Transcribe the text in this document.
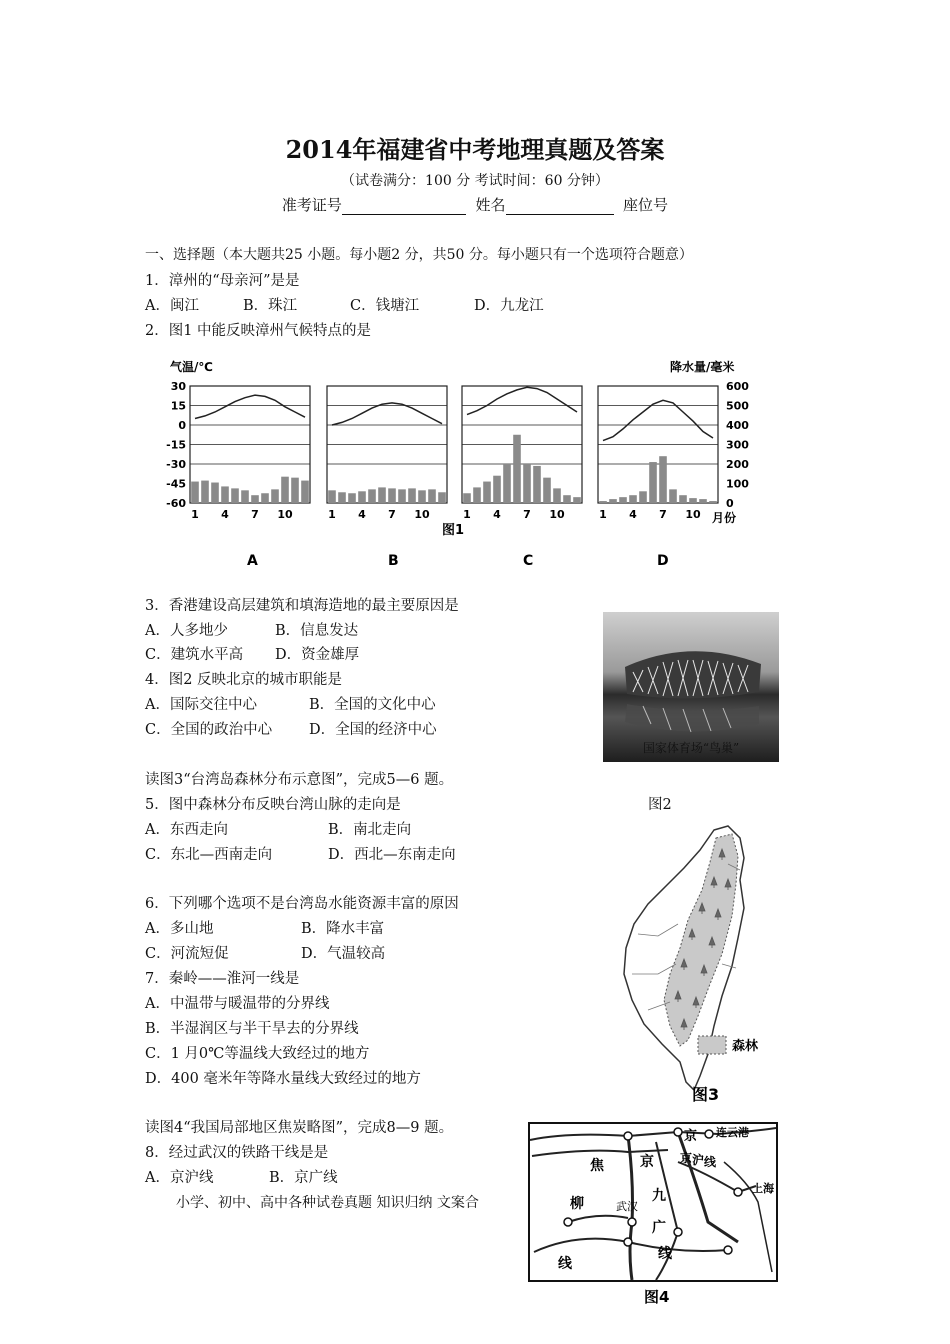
2014年福建省中考地理真题及答案
（试卷满分：100 分 考试时间：60 分钟）
准考证号	姓名	座位号
一、选择题（本大题共25 小题。每小题2 分，共50 分。每小题只有一个选项符合题意）
1．漳州的“母亲河”是是
A．闽江	B．珠江	C．钱塘江	D．九龙江
2．图1 中能反映漳州气候特点的是
30
15
0
-15
-30
-45
-60
600
500
400
300
200
100
0
1 4 7 10	1 4 7 10	1 4 7 10	1 4 7 10
气温/℃	降水量/毫米
月份
图1
A	B	C	D
3．香港建设高层建筑和填海造地的最主要原因是
A．人多地少	B．信息发达
C．建筑水平高 D．资金雄厚
4．图2 反映北京的城市职能是
A．国际交往中心	B．全国的文化中心
C．全国的政治中心	D．全国的经济中心
国家体育场“鸟巢”
读图3“台湾岛森林分布示意图”，完成5—6 题。
5．图中森林分布反映台湾山脉的走向是	图2
A．东西走向	B．南北走向
C．东北—西南走向	D．西北—东南走向
6．下列哪个选项不是台湾岛水能资源丰富的原因
A．多山地	B．降水丰富
C．河流短促	D．气温较高
7．秦岭——淮河一线是
A．中温带与暖温带的分界线
B．半湿润区与半干旱去的分界线
C．1 月0℃等温线大致经过的地方
D．400 毫米年等降水量线大致经过的地方
森林
图3
读图4“我国局部地区焦炭略图”，完成8—9 题。
8．经过武汉的铁路干线是是
A．京沪线	B．京广线
小学、初中、高中各种试卷真题 知识归纳 文案合
京 连云港
焦	京 京 沪 线
上海
九
武汉
柳
广
线
线
图4
